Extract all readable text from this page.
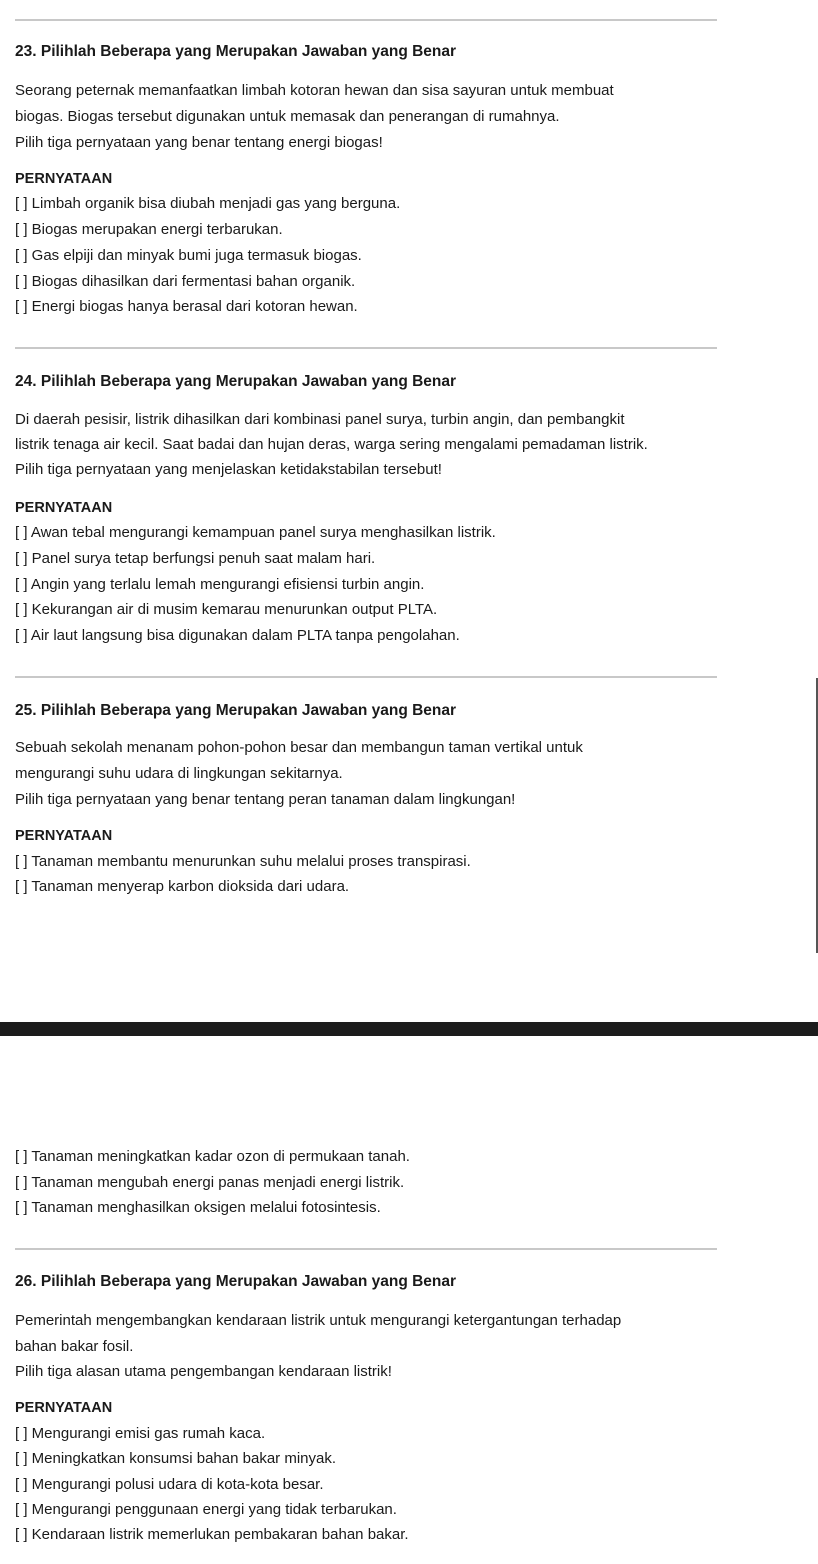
23. Pilihlah Beberapa yang Merupakan Jawaban yang Benar
Seorang peternak memanfaatkan limbah kotoran hewan dan sisa sayuran untuk membuat
biogas. Biogas tersebut digunakan untuk memasak dan penerangan di rumahnya.
Pilih tiga pernyataan yang benar tentang energi biogas!
PERNYATAAN
[ ] Limbah organik bisa diubah menjadi gas yang berguna.
[ ] Biogas merupakan energi terbarukan.
[ ] Gas elpiji dan minyak bumi juga termasuk biogas.
[ ] Biogas dihasilkan dari fermentasi bahan organik.
[ ] Energi biogas hanya berasal dari kotoran hewan.
24. Pilihlah Beberapa yang Merupakan Jawaban yang Benar
Di daerah pesisir, listrik dihasilkan dari kombinasi panel surya, turbin angin, dan pembangkit
listrik tenaga air kecil. Saat badai dan hujan deras, warga sering mengalami pemadaman listrik.
Pilih tiga pernyataan yang menjelaskan ketidakstabilan tersebut!
PERNYATAAN
[ ] Awan tebal mengurangi kemampuan panel surya menghasilkan listrik.
[ ] Panel surya tetap berfungsi penuh saat malam hari.
[ ] Angin yang terlalu lemah mengurangi efisiensi turbin angin.
[ ] Kekurangan air di musim kemarau menurunkan output PLTA.
[ ] Air laut langsung bisa digunakan dalam PLTA tanpa pengolahan.
25. Pilihlah Beberapa yang Merupakan Jawaban yang Benar
Sebuah sekolah menanam pohon-pohon besar dan membangun taman vertikal untuk
mengurangi suhu udara di lingkungan sekitarnya.
Pilih tiga pernyataan yang benar tentang peran tanaman dalam lingkungan!
PERNYATAAN
[ ] Tanaman membantu menurunkan suhu melalui proses transpirasi.
[ ] Tanaman menyerap karbon dioksida dari udara.
[ ] Tanaman meningkatkan kadar ozon di permukaan tanah.
[ ] Tanaman mengubah energi panas menjadi energi listrik.
[ ] Tanaman menghasilkan oksigen melalui fotosintesis.
26. Pilihlah Beberapa yang Merupakan Jawaban yang Benar
Pemerintah mengembangkan kendaraan listrik untuk mengurangi ketergantungan terhadap
bahan bakar fosil.
Pilih tiga alasan utama pengembangan kendaraan listrik!
PERNYATAAN
[ ] Mengurangi emisi gas rumah kaca.
[ ] Meningkatkan konsumsi bahan bakar minyak.
[ ] Mengurangi polusi udara di kota-kota besar.
[ ] Mengurangi penggunaan energi yang tidak terbarukan.
[ ] Kendaraan listrik memerlukan pembakaran bahan bakar.
